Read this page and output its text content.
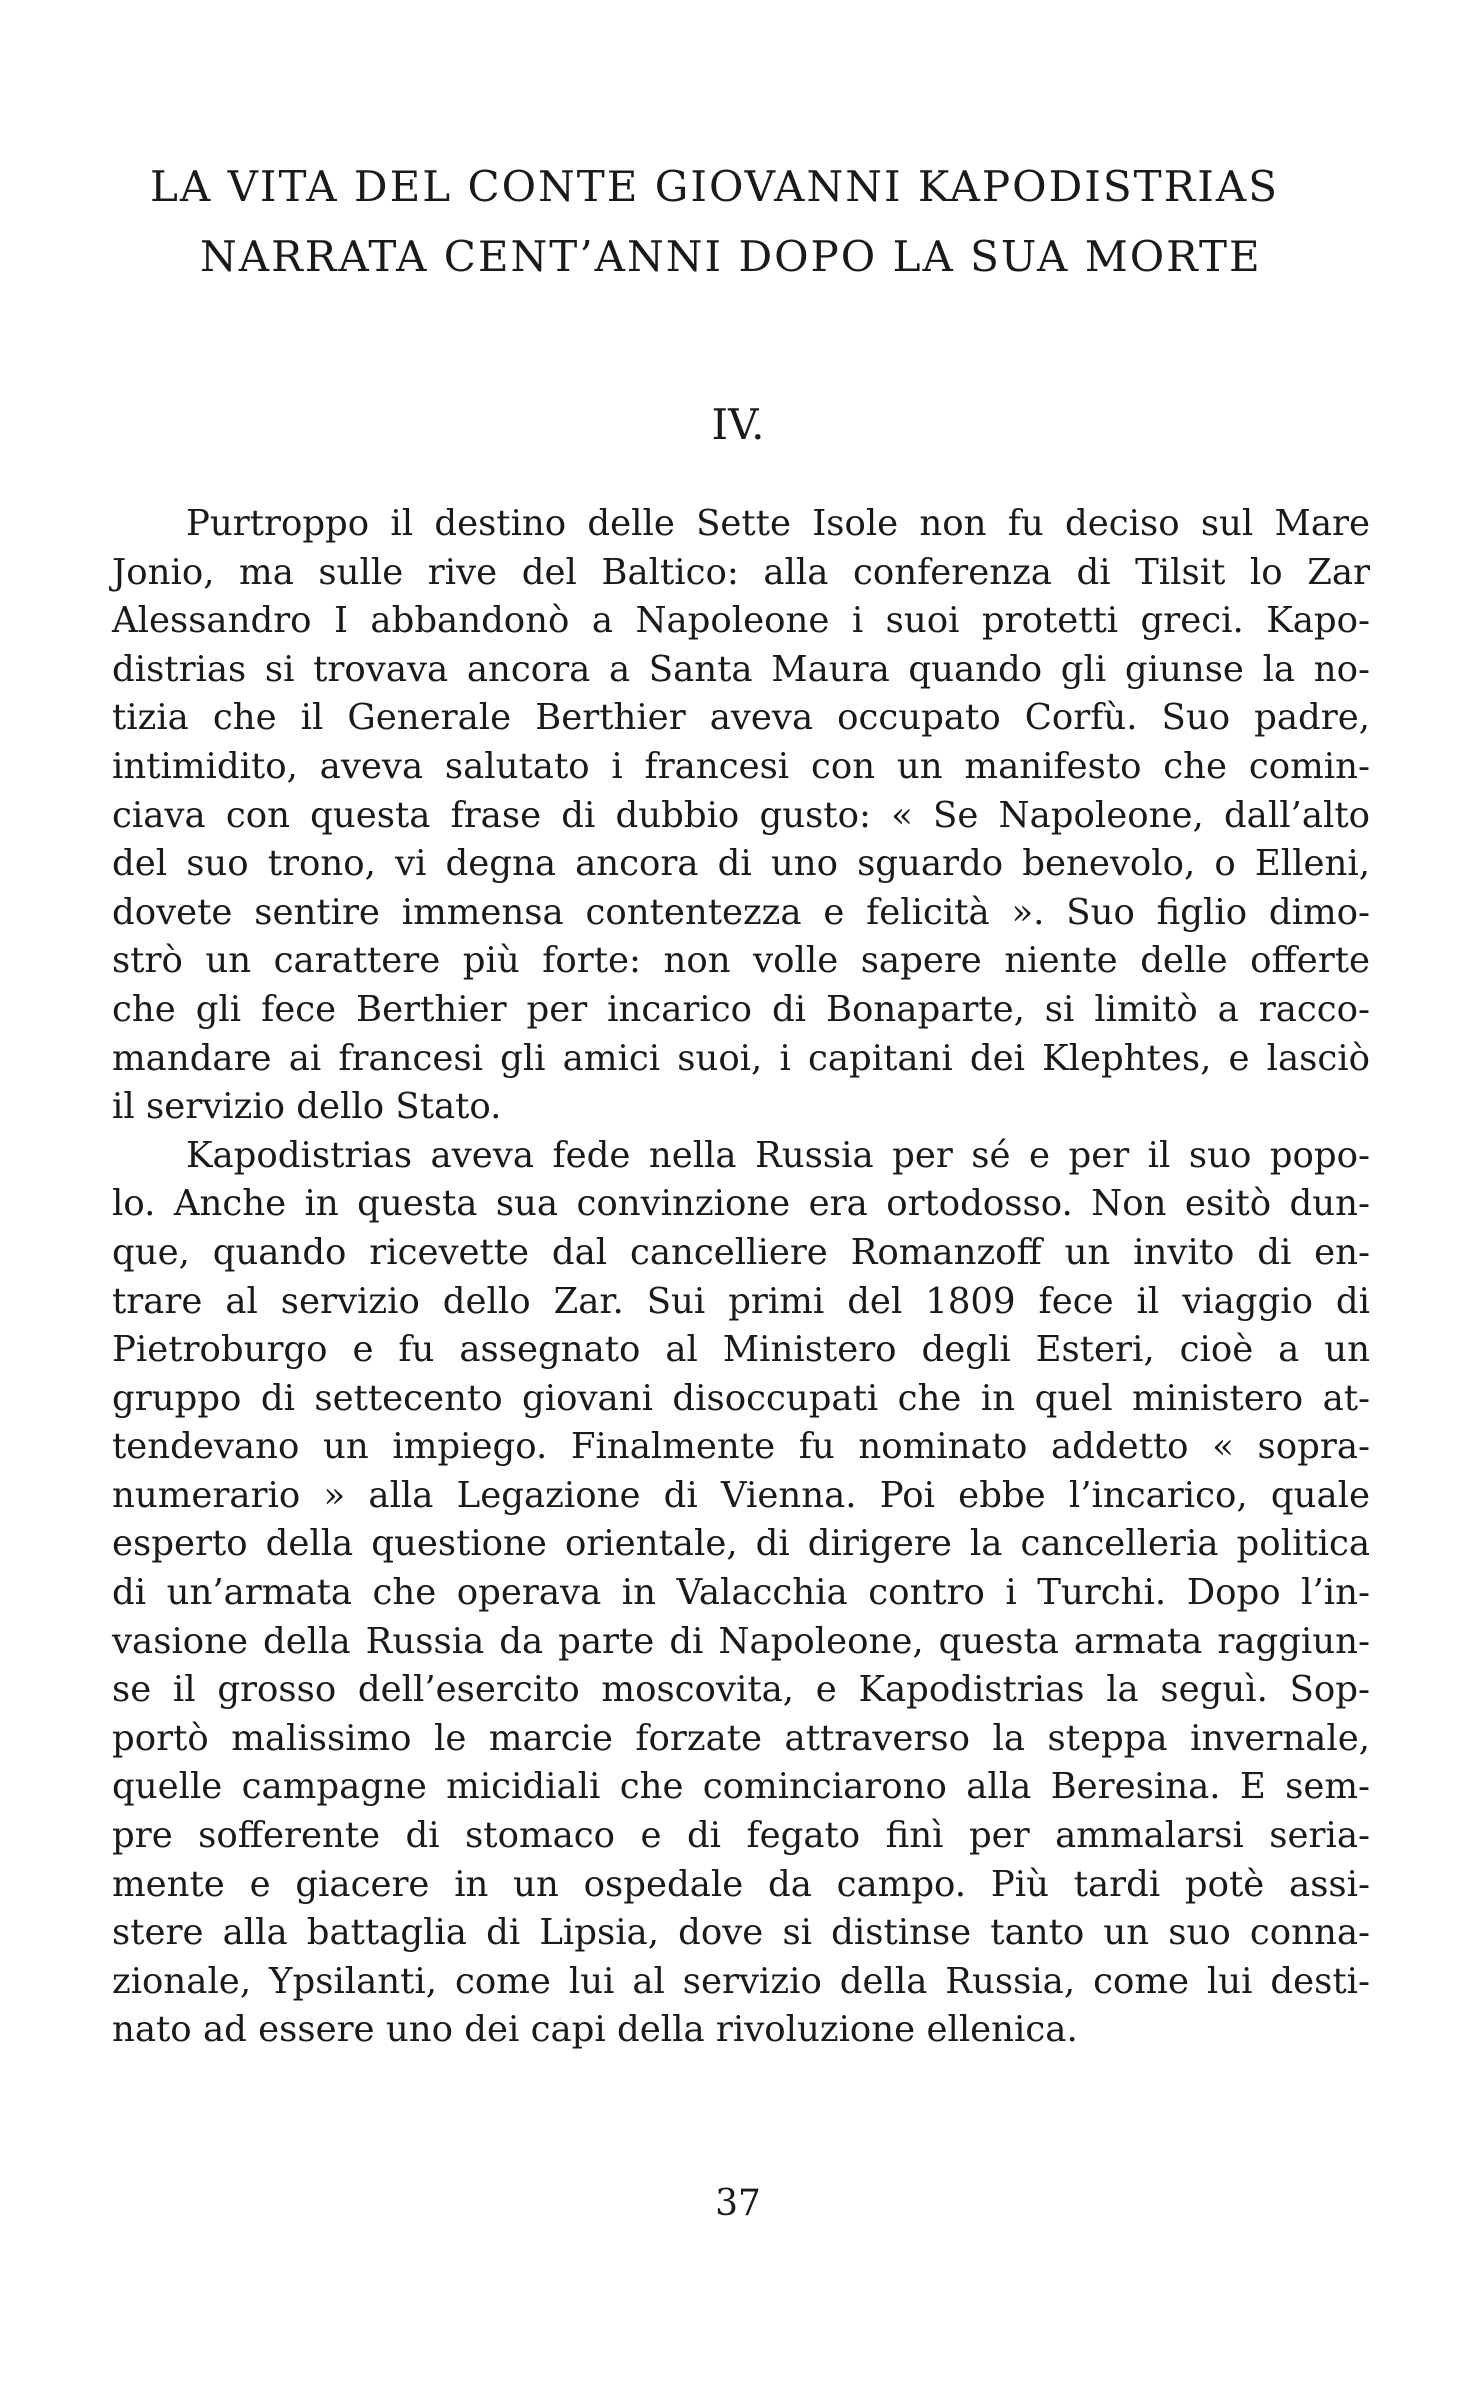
LA VITA DEL CONTE GIOVANNI KAPODISTRIAS
NARRATA CENT’ANNI DOPO LA SUA MORTE
IV.
Purtroppo il destino delle Sette Isole non fu deciso sul Mare
Jonio, ma sulle rive del Baltico: alla conferenza di Tilsit lo Zar
Alessandro I abbandonò a Napoleone i suoi protetti greci. Kapo-
distrias si trovava ancora a Santa Maura quando gli giunse la no-
tizia che il Generale Berthier aveva occupato Corfù. Suo padre,
intimidito, aveva salutato i francesi con un manifesto che comin-
ciava con questa frase di dubbio gusto: « Se Napoleone, dall’alto
del suo trono, vi degna ancora di uno sguardo benevolo, o Elleni,
dovete sentire immensa contentezza e felicità ». Suo figlio dimo-
strò un carattere più forte: non volle sapere niente delle offerte
che gli fece Berthier per incarico di Bonaparte, si limitò a racco-
mandare ai francesi gli amici suoi, i capitani dei Klephtes, e lasciò
il servizio dello Stato.
Kapodistrias aveva fede nella Russia per sé e per il suo popo-
lo. Anche in questa sua convinzione era ortodosso. Non esitò dun-
que, quando ricevette dal cancelliere Romanzoff un invito di en-
trare al servizio dello Zar. Sui primi del 1809 fece il viaggio di
Pietroburgo e fu assegnato al Ministero degli Esteri, cioè a un
gruppo di settecento giovani disoccupati che in quel ministero at-
tendevano un impiego. Finalmente fu nominato addetto « sopra-
numerario » alla Legazione di Vienna. Poi ebbe l’incarico, quale
esperto della questione orientale, di dirigere la cancelleria politica
di un’armata che operava in Valacchia contro i Turchi. Dopo l’in-
vasione della Russia da parte di Napoleone, questa armata raggiun-
se il grosso dell’esercito moscovita, e Kapodistrias la seguì. Sop-
portò malissimo le marcie forzate attraverso la steppa invernale,
quelle campagne micidiali che cominciarono alla Beresina. E sem-
pre sofferente di stomaco e di fegato finì per ammalarsi seria-
mente e giacere in un ospedale da campo. Più tardi potè assi-
stere alla battaglia di Lipsia, dove si distinse tanto un suo conna-
zionale, Ypsilanti, come lui al servizio della Russia, come lui desti-
nato ad essere uno dei capi della rivoluzione ellenica.
37
